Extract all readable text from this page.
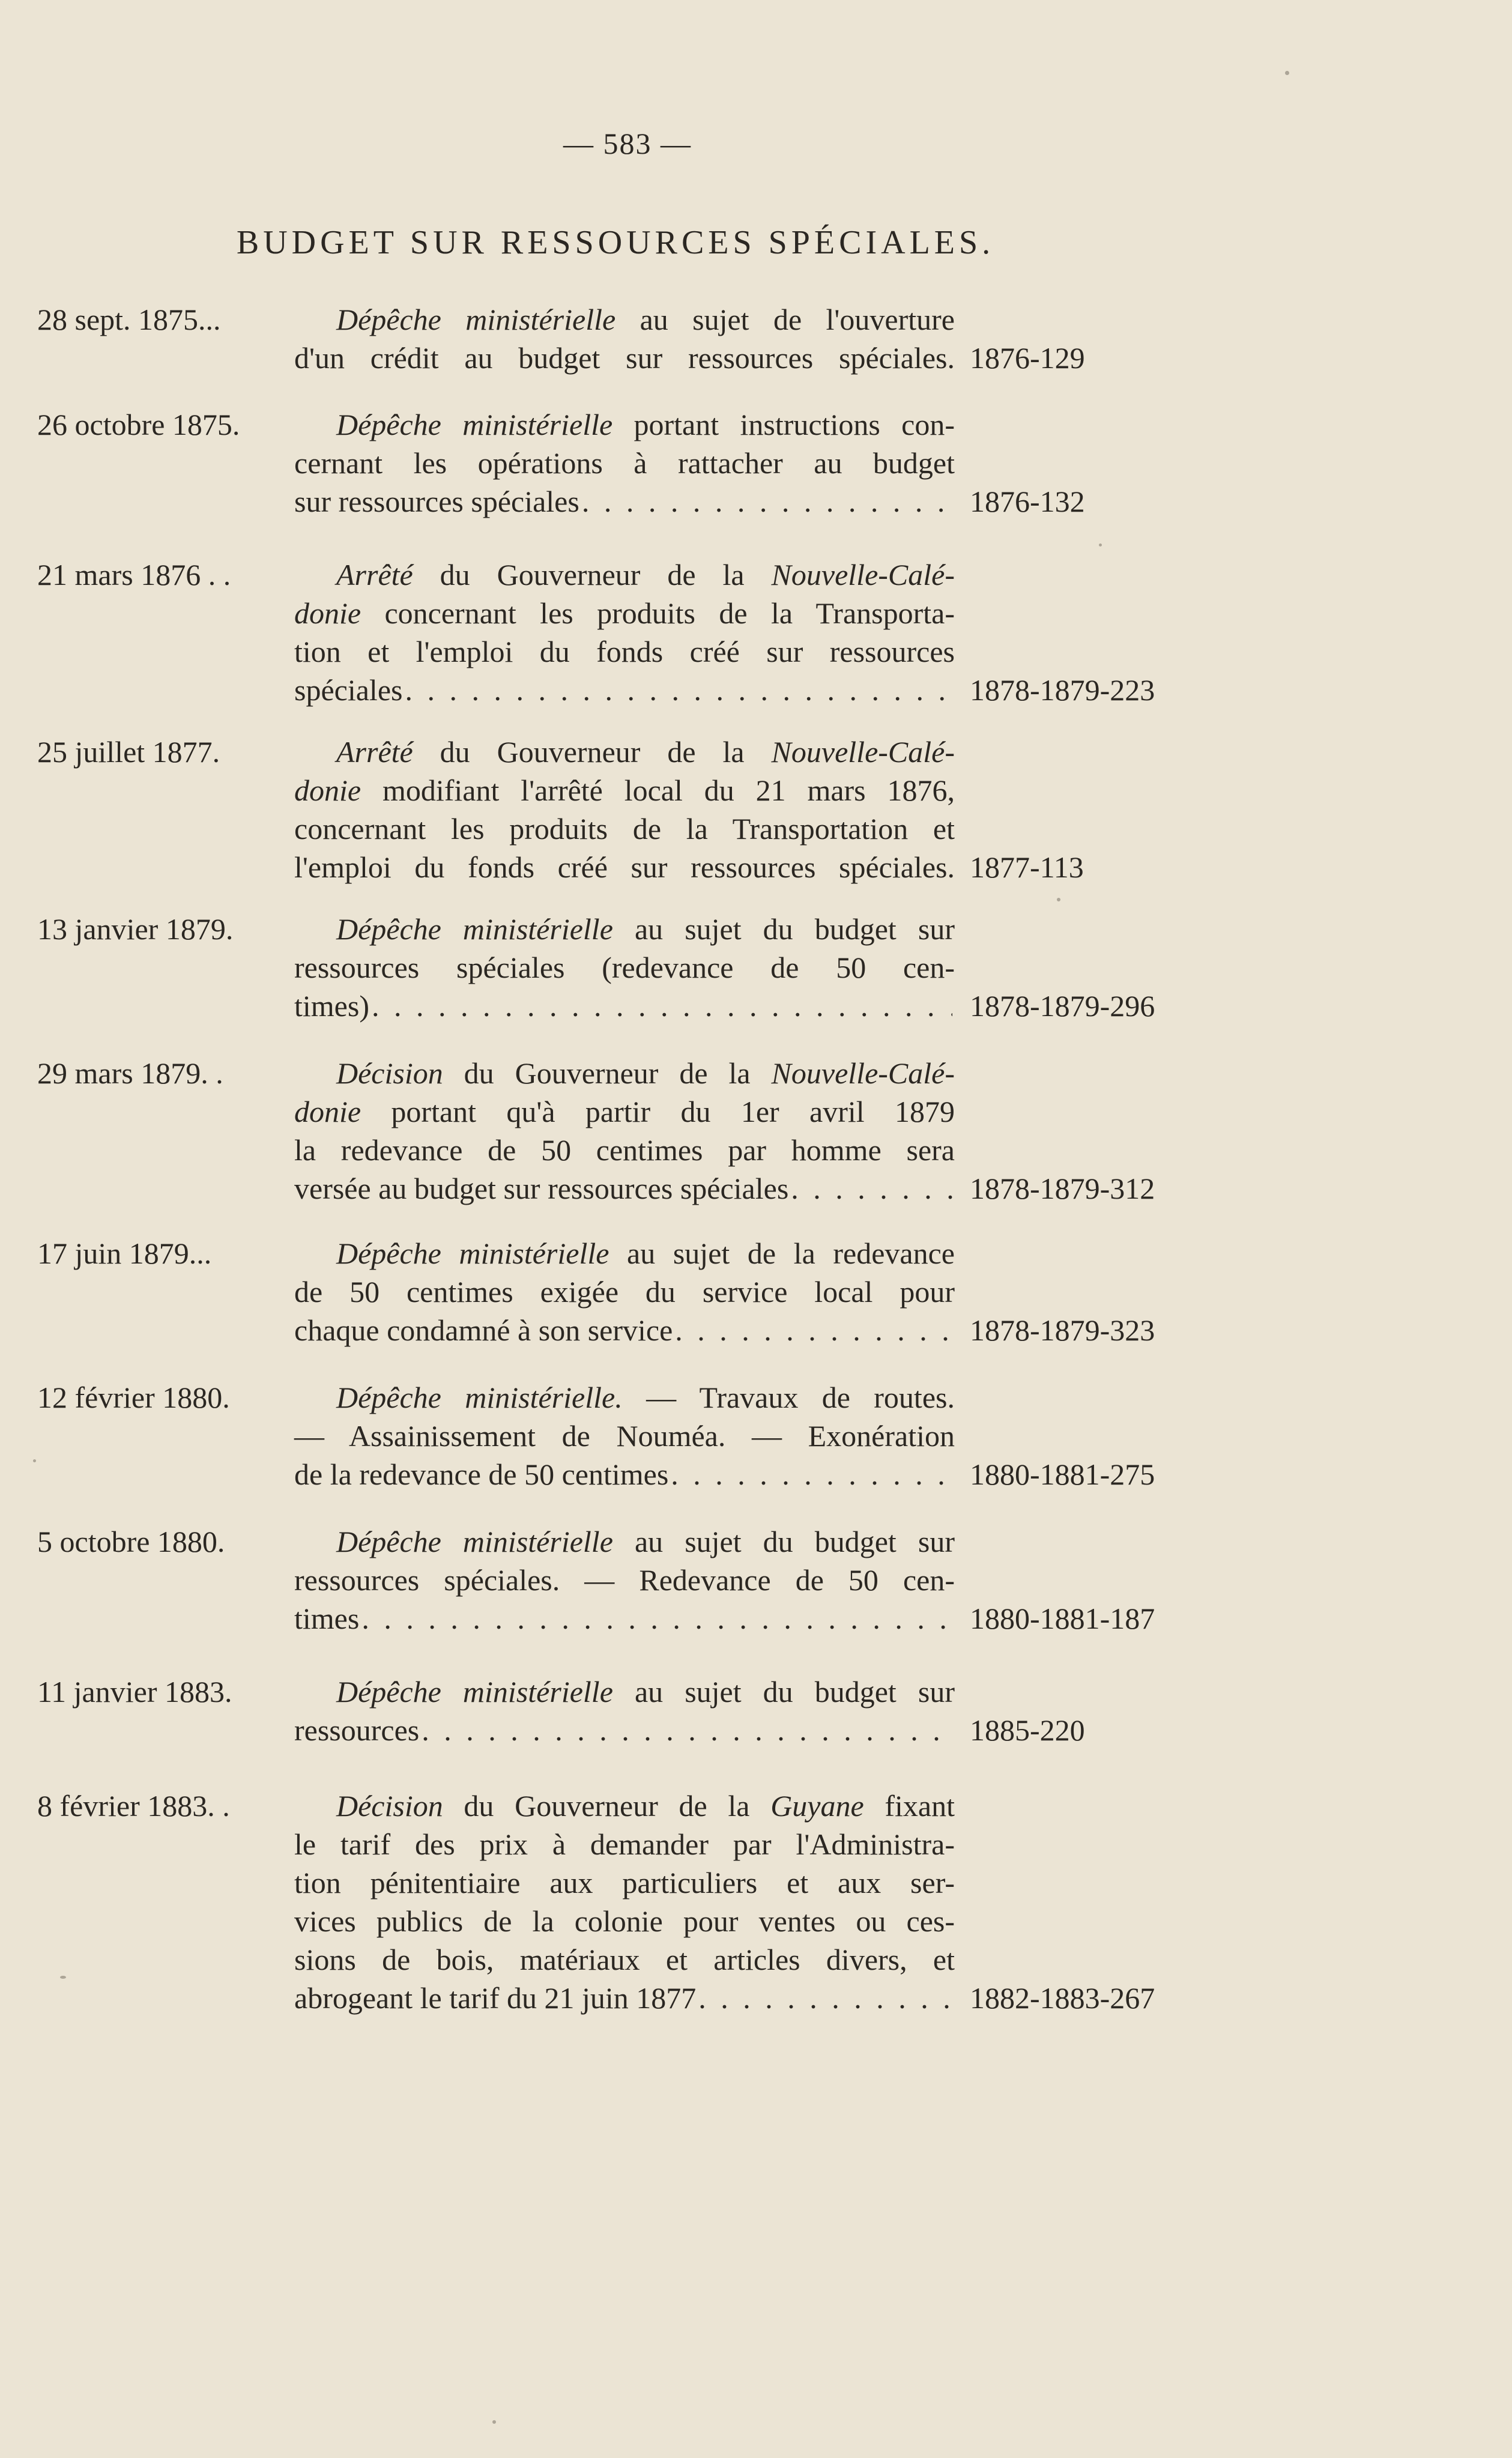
— 583 —
BUDGET SUR RESSOURCES SPÉCIALES.
28 sept. 1875...	Dépêche ministérielle au sujet de l'ouverture
d'un crédit au budget sur ressources spéciales. 1876-129
26 octobre 1875.	Dépêche ministérielle portant instructions con-
cernant les opérations à rattacher au budget
sur ressources spéciales . . .	1876-132
21 mars 1876 . .	Arrêté du Gouverneur de la Nouvelle-Calé-
donie concernant les produits de la Transporta-
tion et l'emploi du fonds créé sur ressources
spéciales . . .	1878-1879-223
25 juillet 1877.	Arrêté du Gouverneur de la Nouvelle-Calé-
donie modifiant l'arrêté local du 21 mars 1876,
concernant les produits de la Transportation et
l'emploi du fonds créé sur ressources spéciales. 1877-113
13 janvier 1879.	Dépêche ministérielle au sujet du budget sur
ressources spéciales (redevance de 50 cen-
times) . . .	1878-1879-296
29 mars 1879. .	Décision du Gouverneur de la Nouvelle-Calé-
donie portant qu'à partir du 1er avril 1879
la redevance de 50 centimes par homme sera
versée au budget sur ressources spéciales . . .	1878-1879-312
17 juin 1879...	Dépêche ministérielle au sujet de la redevance
de 50 centimes exigée du service local pour
chaque condamné à son service . . .	1878-1879-323
12 février 1880.	Dépêche ministérielle. — Travaux de routes.
— Assainissement de Nouméa. — Exonération
de la redevance de 50 centimes . . .	1880-1881-275
5 octobre 1880.	Dépêche ministérielle au sujet du budget sur
ressources spéciales. — Redevance de 50 cen-
times . . .	1880-1881-187
11 janvier 1883.	Dépêche ministérielle au sujet du budget sur
ressources . . .	1885-220
8 février 1883. .	Décision du Gouverneur de la Guyane fixant
le tarif des prix à demander par l'Administra-
tion pénitentiaire aux particuliers et aux ser-
vices publics de la colonie pour ventes ou ces-
sions de bois, matériaux et articles divers, et
abrogeant le tarif du 21 juin 1877 . . .	1882-1883-267
